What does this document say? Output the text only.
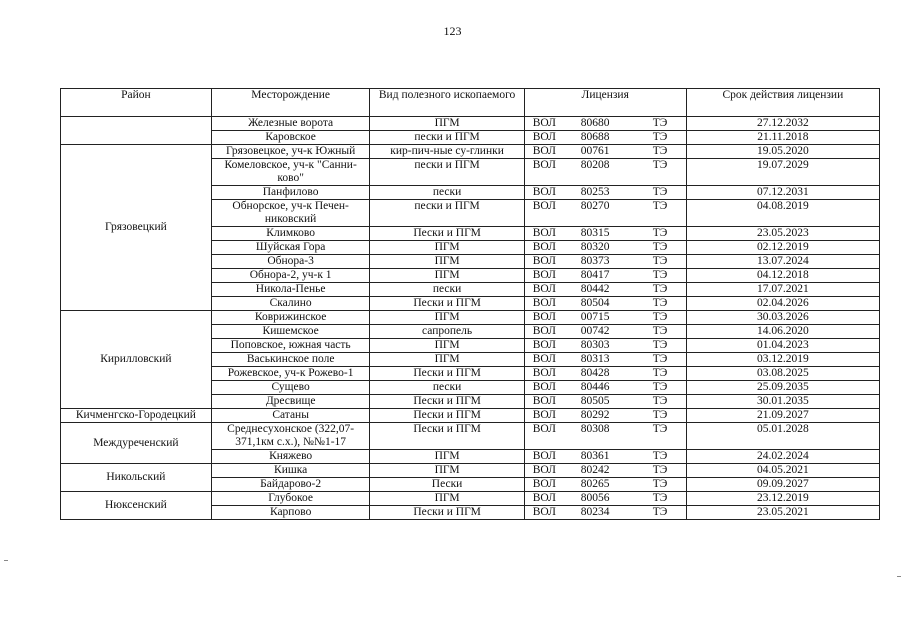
123
Район	Месторождение	Вид полезного ископаемого	Лицензия	Срок действия лицензии
	Железные ворота	ПГМ	ВОЛ 80680 ТЭ	27.12.2032
	Каровское	пески и ПГМ	ВОЛ 80688 ТЭ	21.11.2018
Грязовецкий	Грязовецкое, уч-к Южный	кир-пич-ные су-глинки	ВОЛ 00761 ТЭ	19.05.2020
	Комеловское, уч-к "Санни-ково"	пески и ПГМ	ВОЛ 80208 ТЭ	19.07.2029
	Панфилово	пески	ВОЛ 80253 ТЭ	07.12.2031
	Обнорское, уч-к Печен-никовский	пески и ПГМ	ВОЛ 80270 ТЭ	04.08.2019
	Климково	Пески и ПГМ	ВОЛ 80315 ТЭ	23.05.2023
	Шуйская Гора	ПГМ	ВОЛ 80320 ТЭ	02.12.2019
	Обнора-3	ПГМ	ВОЛ 80373 ТЭ	13.07.2024
	Обнора-2, уч-к 1	ПГМ	ВОЛ 80417 ТЭ	04.12.2018
	Никола-Пенье	пески	ВОЛ 80442 ТЭ	17.07.2021
	Скалино	Пески и ПГМ	ВОЛ 80504 ТЭ	02.04.2026
Кирилловский	Коврижинское	ПГМ	ВОЛ 00715 ТЭ	30.03.2026
	Кишемское	сапропель	ВОЛ 00742 ТЭ	14.06.2020
	Поповское, южная часть	ПГМ	ВОЛ 80303 ТЭ	01.04.2023
	Васькинское поле	ПГМ	ВОЛ 80313 ТЭ	03.12.2019
	Рожевское, уч-к Рожево-1	Пески и ПГМ	ВОЛ 80428 ТЭ	03.08.2025
	Сущево	пески	ВОЛ 80446 ТЭ	25.09.2035
	Дресвище	Пески и ПГМ	ВОЛ 80505 ТЭ	30.01.2035
Кичменгско-Городецкий	Сатаны	Пески и ПГМ	ВОЛ 80292 ТЭ	21.09.2027
Междуреченский	Среднесухонское (322,07-371,1км с.х.), №№1-17	Пески и ПГМ	ВОЛ 80308 ТЭ	05.01.2028
	Княжево	ПГМ	ВОЛ 80361 ТЭ	24.02.2024
Никольский	Кишка	ПГМ	ВОЛ 80242 ТЭ	04.05.2021
	Байдарово-2	Пески	ВОЛ 80265 ТЭ	09.09.2027
Нюксенский	Глубокое	ПГМ	ВОЛ 80056 ТЭ	23.12.2019
	Карпово	Пески и ПГМ	ВОЛ 80234 ТЭ	23.05.2021
